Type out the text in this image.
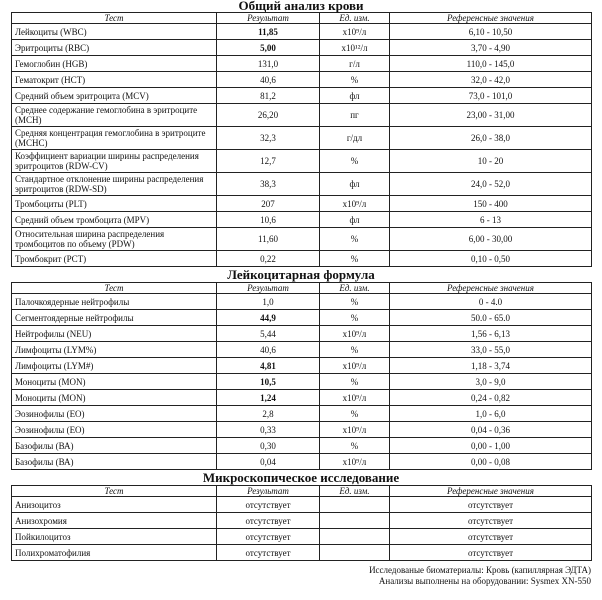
Общий анализ крови
Тест	Результат	Ед. изм.	Референсные значения
Лейкоциты (WBC)	11,85	x10⁹/л	6,10 - 10,50
Эритроциты (RBC)	5,00	x10¹²/л	3,70 - 4,90
Гемоглобин (HGB)	131,0	г/л	110,0 - 145,0
Гематокрит (HCT)	40,6	%	32,0 - 42,0
Средний объем эритроцита (MCV)	81,2	фл	73,0 - 101,0
Среднее содержание гемоглобина в эритроците (MCH)	26,20	пг	23,00 - 31,00
Средняя концентрация гемоглобина в эритроците (MCHC)	32,3	г/дл	26,0 - 38,0
Коэффициент вариации ширины распределения эритроцитов (RDW-CV)	12,7	%	10 - 20
Стандартное отклонение ширины распределения эритроцитов (RDW-SD)	38,3	фл	24,0 - 52,0
Тромбоциты (PLT)	207	x10⁹/л	150 - 400
Средний объем тромбоцита (MPV)	10,6	фл	6 - 13
Относительная ширина распределения тромбоцитов по объему (PDW)	11,60	%	6,00 - 30,00
Тромбокрит (PCT)	0,22	%	0,10 - 0,50
Лейкоцитарная формула
Тест	Результат	Ед. изм.	Референсные значения
Палочкоядерные нейтрофилы	1,0	%	0 - 4.0
Сегментоядерные нейтрофилы	44,9	%	50.0 - 65.0
Нейтрофилы (NEU)	5,44	x10⁹/л	1,56 - 6,13
Лимфоциты (LYM%)	40,6	%	33,0 - 55,0
Лимфоциты (LYM#)	4,81	x10⁹/л	1,18 - 3,74
Моноциты (MON)	10,5	%	3,0 - 9,0
Моноциты (MON)	1,24	x10⁹/л	0,24 - 0,82
Эозинофилы (ЕО)	2,8	%	1,0 - 6,0
Эозинофилы (ЕО)	0,33	x10⁹/л	0,04 - 0,36
Базофилы (ВА)	0,30	%	0,00 - 1,00
Базофилы (ВА)	0,04	x10⁹/л	0,00 - 0,08
Микроскопическое исследование
Тест	Результат	Ед. изм.	Референсные значения
Анизоцитоз	отсутствует		отсутствует
Анизохромия	отсутствует		отсутствует
Пойкилоцитоз	отсутствует		отсутствует
Полихроматофилия	отсутствует		отсутствует
Исследованые биоматериалы: Кровь (капиллярная ЭДТА)
Анализы выполнены на оборудовании: Sysmex XN-550
